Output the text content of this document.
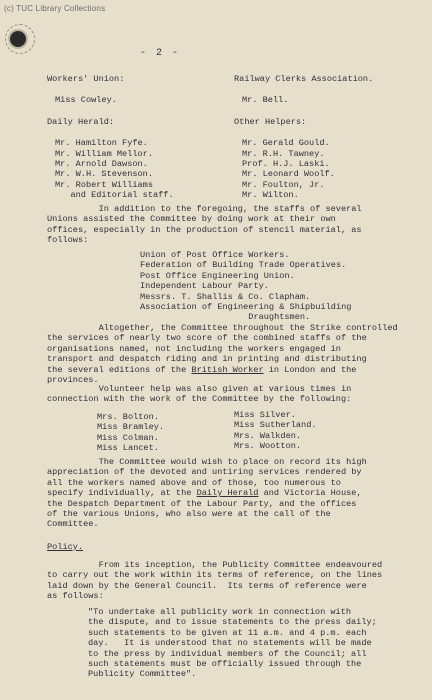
(c) TUC Library Collections
- 2 -
Workers' Union:
Miss Cowley.
Daily Herald:
Mr. Hamilton Fyfe.
Mr. William Mellor.
Mr. Arnold Dawson.
Mr. W.H. Stevenson.
Mr. Robert Williams
and Editorial staff.
Railway Clerks Association.
Mr. Bell.
Other Helpers:
Mr. Gerald Gould.
Mr. R.H. Tawney.
Prof. H.J. Laski.
Mr. Leonard Woolf.
Mr. Foulton, Jr.
Mr. Wilton.
In addition to the foregoing, the staffs of several
Unions assisted the Committee by doing work at their own
offices, especially in the production of stencil material, as
follows:
Union of Post Office Workers.
Federation of Building Trade Operatives.
Post Office Engineering Union.
Independent Labour Party.
Messrs. T. Shallis & Co. Clapham.
Association of Engineering & Shipbuilding
Draughtsmen.
Altogether, the Committee throughout the Strike controlled
the services of nearly two score of the combined staffs of the
organisations named, not including the workers engaged in
transport and despatch riding and in printing and distributing
the several editions of the British Worker in London and the
provinces.
Volunteer help was also given at various times in
connection with the work of the Committee by the following:
Mrs. Bolton.
Miss Bramley.
Miss Colman.
Miss Lancet.
Miss Silver.
Miss Sutherland.
Mrs. Walkden.
Mrs. Wootton.
The Committee would wish to place on record its high
appreciation of the devoted and untiring services rendered by
all the workers named above and of those, too numerous to
specify individually, at the Daily Herald and Victoria House,
the Despatch Department of the Labour Party, and the offices
of the various Unions, who also were at the call of the
Committee.
Policy.
From its inception, the Publicity Committee endeavoured
to carry out the work within its terms of reference, on the lines
laid down by the General Council.  Its terms of reference were
as follows:
"To undertake all publicity work in connection with
the dispute, and to issue statements to the press daily;
such statements to be given at 11 a.m. and 4 p.m. each
day.   It is understood that no statements will be made
to the press by individual members of the Council; all
such statements must be officially issued through the
Publicity Committee".
